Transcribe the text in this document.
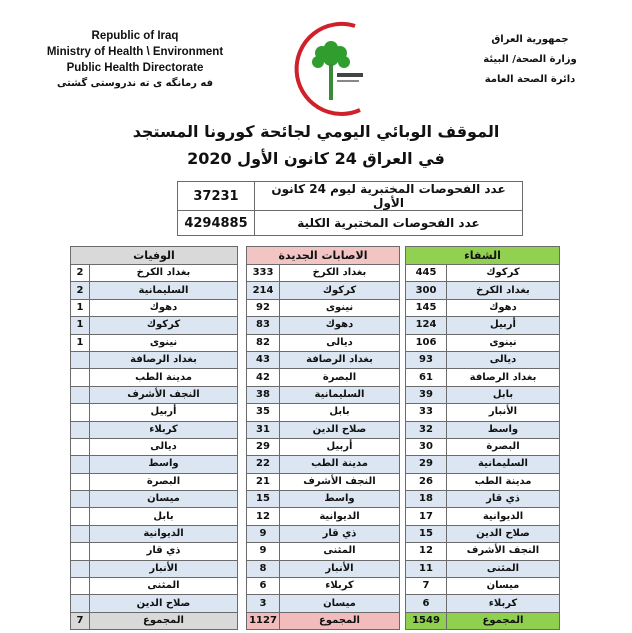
Republic of Iraq
Ministry of Health \ Environment
Public Health Directorate
فه رمانگه ی ته ندروستی گشتی
جمهورية العراق
وزارة الصحة/ البيئة
دائرة الصحة العامة
الموقف الوبائي اليومي لجائحة كورونا المستجد
في العراق 24 كانون الأول 2020
عدد الفحوصات المختبرية ليوم 24 كانون الأول	37231
عدد الفحوصات المختبرية الكلية	4294885
الشفاء	
كركوك	445
بغداد الكرخ	300
دهوك	145
أربيل	124
نينوى	106
ديالى	93
بغداد الرصافة	61
بابل	39
الأنبار	33
واسط	32
البصرة	30
السليمانية	29
مدينة الطب	26
ذي قار	18
الديوانية	17
صلاح الدين	15
النجف الأشرف	12
المثنى	11
ميسان	7
كربلاء	6
المجموع	1549
الاصابات الجديدة	
بغداد الكرخ	333
كركوك	214
نينوى	92
دهوك	83
ديالى	82
بغداد الرصافة	43
البصرة	42
السليمانية	38
بابل	35
صلاح الدين	31
أربيل	29
مدينة الطب	22
النجف الأشرف	21
واسط	15
الديوانية	12
ذي قار	9
المثنى	9
الأنبار	8
كربلاء	6
ميسان	3
المجموع	1127
الوفيات	
بغداد الكرخ	2
السليمانية	2
دهوك	1
كركوك	1
نينوى	1
بغداد الرصافة	
مدينة الطب	
النجف الأشرف	
أربيل	
كربلاء	
ديالى	
واسط	
البصرة	
ميسان	
بابل	
الديوانية	
ذي قار	
الأنبار	
المثنى	
صلاح الدين	
المجموع	7
